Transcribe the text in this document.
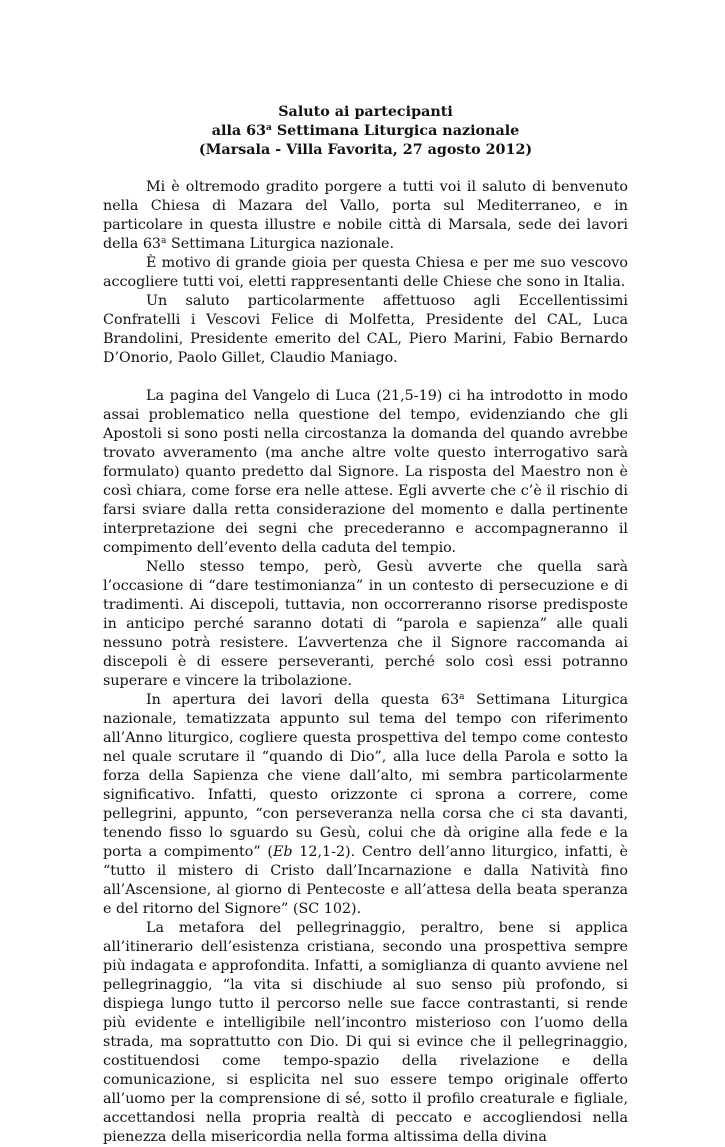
Saluto ai partecipanti
alla 63$^a$ Settimana Liturgica nazionale
(Marsala - Villa Favorita, 27 agosto 2012)

Mi è oltremodo gradito porgere a tutti voi il saluto di benvenuto nella Chiesa di Mazara del Vallo, porta sul Mediterraneo, e in particolare in questa illustre e nobile città di Marsala, sede dei lavori della 63$^a$ Settimana Liturgica nazionale.

È motivo di grande gioia per questa Chiesa e per me suo vescovo accogliere tutti voi, eletti rappresentanti delle Chiese che sono in Italia.

Un saluto particolarmente affettuoso agli Eccellentissimi Confratelli i Vescovi Felice di Molfetta, Presidente del CAL, Luca Brandolini, Presidente emerito del CAL, Piero Marini, Fabio Bernardo D’Onorio, Paolo Gillet, Claudio Maniago.

La pagina del Vangelo di Luca (21,5-19) ci ha introdotto in modo assai problematico nella questione del tempo, evidenziando che gli Apostoli si sono posti nella circostanza la domanda del quando avrebbe trovato avveramento (ma anche altre volte questo interrogativo sarà formulato) quanto predetto dal Signore. La risposta del Maestro non è così chiara, come forse era nelle attese. Egli avverte che c’è il rischio di farsi sviare dalla retta considerazione del momento e dalla pertinente interpretazione dei segni che precederanno e accompagneranno il compimento dell’evento della caduta del tempio.

Nello stesso tempo, però, Gesù avverte che quella sarà l’occasione di “dare testimonianza” in un contesto di persecuzione e di tradimenti. Ai discepoli, tuttavia, non occorreranno risorse predisposte in anticipo perché saranno dotati di “parola e sapienza” alle quali nessuno potrà resistere. L’avvertenza che il Signore raccomanda ai discepoli è di essere perseveranti, perché solo così essi potranno superare e vincere la tribolazione.

In apertura dei lavori della questa 63$^a$ Settimana Liturgica nazionale, tematizzata appunto sul tema del tempo con riferimento all’Anno liturgico, cogliere questa prospettiva del tempo come contesto nel quale scrutare il “quando di Dio”, alla luce della Parola e sotto la forza della Sapienza che viene dall’alto, mi sembra particolarmente significativo. Infatti, questo orizzonte ci sprona a correre, come pellegrini, appunto, “con perseveranza nella corsa che ci sta davanti, tenendo fisso lo sguardo su Gesù, colui che dà origine alla fede e la porta a compimento” (Eb 12,1-2). Centro dell’anno liturgico, infatti, è “tutto il mistero di Cristo dall’Incarnazione e dalla Natività fino all’Ascensione, al giorno di Pentecoste e all’attesa della beata speranza e del ritorno del Signore” (SC 102).

La metafora del pellegrinaggio, peraltro, bene si applica all’itinerario dell’esistenza cristiana, secondo una prospettiva sempre più indagata e approfondita. Infatti, a somiglianza di quanto avviene nel pellegrinaggio, “la vita si dischiude al suo senso più profondo, si dispiega lungo tutto il percorso nelle sue facce contrastanti, si rende più evidente e intelligibile nell’incontro misterioso con l’uomo della strada, ma soprattutto con Dio. Di qui si evince che il pellegrinaggio, costituendosi come tempo-spazio della rivelazione e della comunicazione, si esplicita nel suo essere tempo originale offerto all’uomo per la comprensione di sé, sotto il profilo creaturale e figliale, accettandosi nella propria realtà di peccato e accogliendosi nella pienezza della misericordia nella forma altissima della divina
